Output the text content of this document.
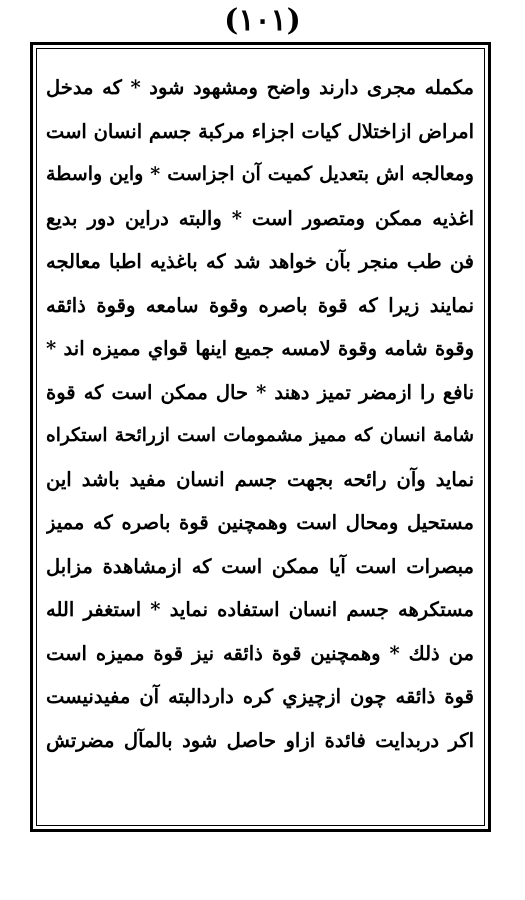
(١٠١)
مكمله مجرى دارند واضح ومشهود شود * كه مدخل
امراض ازاختلال كيات اجزاء مركبة جسم انسان است
ومعالجه اش بتعديل كميت آن اجزاست * واين واسطة
اغذيه ممكن ومتصور است * والبته دراين دور بديع
فن طب منجر بآن خواهد شد كه باغذيه اطبا معالجه
نمايند زيرا كه قوة باصره وقوة سامعه وقوة ذائقه
وقوة شامه وقوة لامسه جميع اينها قواي مميزه اند *
نافع را ازمضر تميز دهند * حال ممكن است كه قوة
شامة انسان كه مميز مشمومات است ازرائحة استكراه
نمايد وآن رائحه بجهت جسم انسان مفيد باشد اين
مستحيل ومحال است وهمچنين قوة باصره كه مميز
مبصرات است آيا ممكن است كه ازمشاهدة مزابل
مستكرهه جسم انسان استفاده نمايد * استغفر الله
من ذلك * وهمچنين قوة ذائقه نيز قوة مميزه است
قوة ذائقه چون ازچيزي كره داردالبته آن مفيدنيست
اكر دربدايت فائدة ازاو حاصل شود بالمآل مضرتش
